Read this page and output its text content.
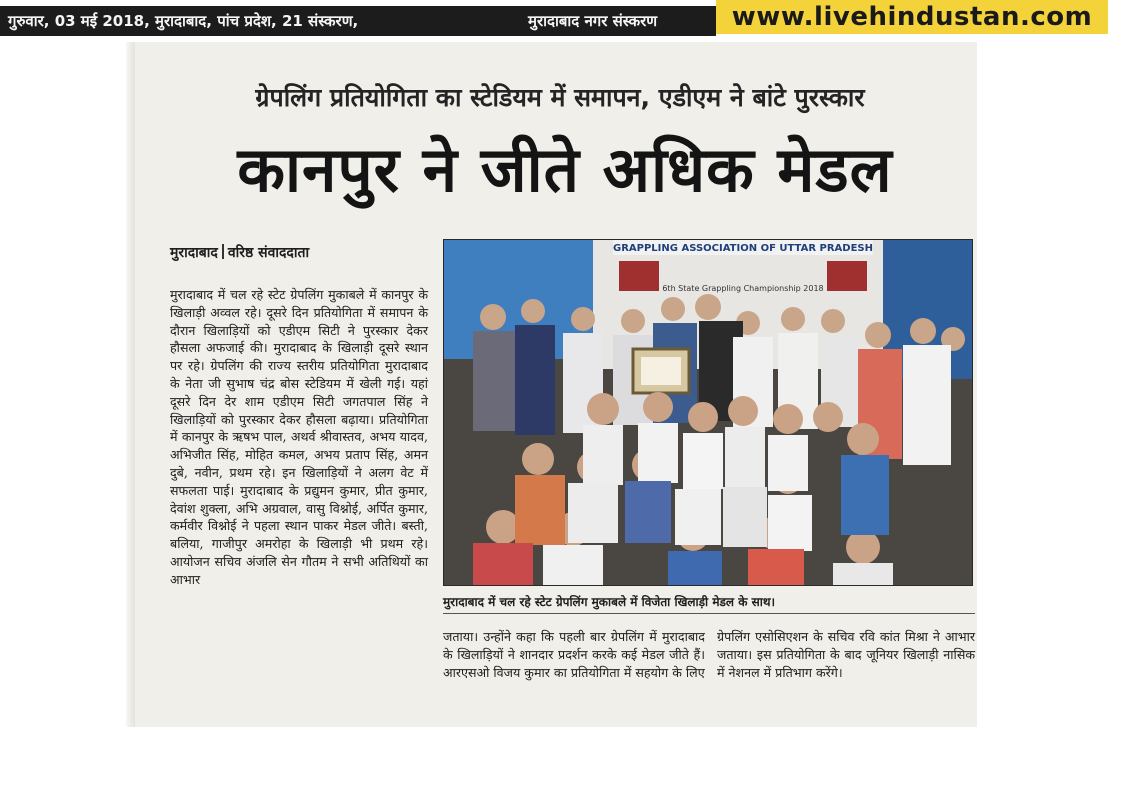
गुरुवार, 03 मई 2018, मुरादाबाद, पांच प्रदेश, 21 संस्करण,	मुरादाबाद नगर संस्करण	www.livehindustan.com
ग्रेपलिंग प्रतियोगिता का स्टेडियम में समापन, एडीएम ने बांटे पुरस्कार
कानपुर ने जीते अधिक मेडल
मुरादाबाद वरिष्ठ संवाददाता

मुरादाबाद में चल रहे स्टेट ग्रेपलिंग मुकाबले में कानपुर के खिलाड़ी अव्वल रहे। दूसरे दिन प्रतियोगिता में समापन के दौरान खिलाड़ियों को एडीएम सिटी ने पुरस्कार देकर हौसला अफजाई की। मुरादाबाद के खिलाड़ी दूसरे स्थान पर रहे। ग्रेपलिंग की राज्य स्तरीय प्रतियोगिता मुरादाबाद के नेता जी सुभाष चंद्र बोस स्टेडियम में खेली गई। यहां दूसरे दिन देर शाम एडीएम सिटी जगतपाल सिंह ने खिलाड़ियों को पुरस्कार देकर हौसला बढ़ाया। प्रतियोगिता में कानपुर के ऋषभ पाल, अथर्व श्रीवास्तव, अभय यादव, अभिजीत सिंह, मोहित कमल, अभय प्रताप सिंह, अमन दुबे, नवीन, प्रथम रहे। इन खिलाड़ियों ने अलग वेट में सफलता पाई। मुरादाबाद के प्रद्युमन कुमार, प्रीत कुमार, देवांश शुक्ला, अभि अग्रवाल, वासु विश्नोई, अर्पित कुमार, कर्मवीर विश्नोई ने पहला स्थान पाकर मेडल जीते। बस्ती, बलिया, गाजीपुर अमरोहा के खिलाड़ी भी प्रथम रहे। आयोजन सचिव अंजलि सेन गौतम ने सभी अतिथियों का आभार

GRAPPLING ASSOCIATION OF UTTAR PRADESH
6th State Grappling Championship 2018
मुरादाबाद में चल रहे स्टेट ग्रेपलिंग मुकाबले में विजेता खिलाड़ी मेडल के साथ।

जताया। उन्होंने कहा कि पहली बार ग्रेपलिंग में मुरादाबाद के खिलाड़ियों ने शानदार प्रदर्शन करके कई मेडल जीते हैं। आरएसओ विजय कुमार का प्रतियोगिता में सहयोग के लिए

ग्रेपलिंग एसोसिएशन के सचिव रवि कांत मिश्रा ने आभार जताया। इस प्रतियोगिता के बाद जूनियर खिलाड़ी नासिक में नेशनल में प्रतिभाग करेंगे।
